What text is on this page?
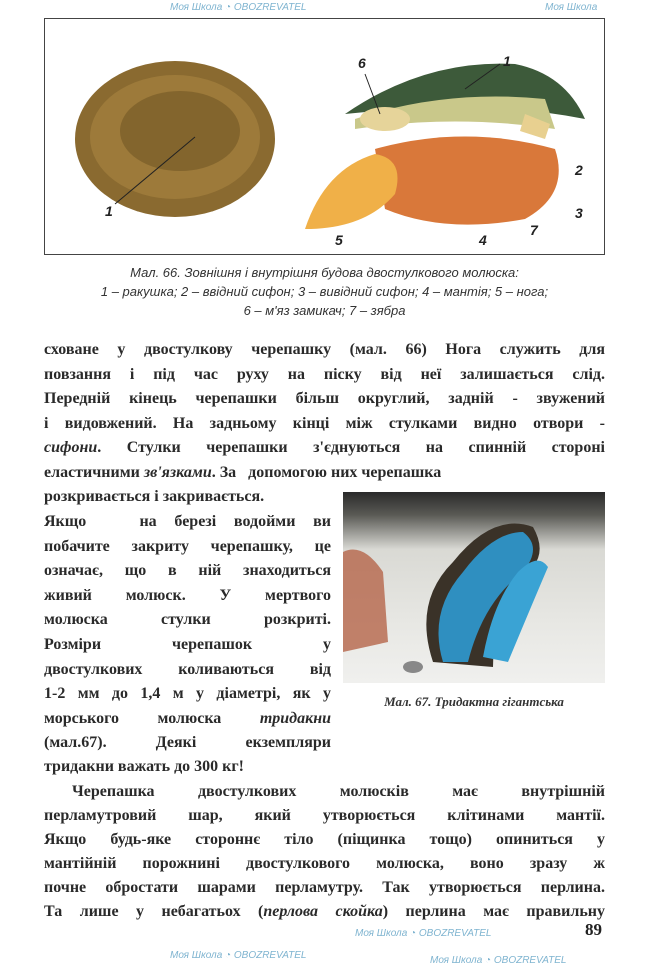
Моя Школа ◔ OBOZREVATEL	Моя Школа
Моя Школа ◔ OBOZREVATEL
Моя Школа ◔ OBOZREVATEL	Моя Школа ◔ OBOZREVATEL
1
6	1
2
3
7
4
5
Мал. 66. Зовнішня і внутрішня будова двостулкового молюска:
1 – ракушка; 2 – ввідний сифон; 3 – вивідний сифон; 4 – мантія; 5 – нога;
6 – м'яз замикач; 7 – зябра
сховане у двостулкову черепашку (мал. 66) Нога служить для
повзання і під час руху на піску від неї залишається слід.
Передній кінець черепашки більш округлий, задній - звужений
і видовжений. На задньому кінці між стулками видно отвори -
сифони. Стулки черепашки з'єднуються на спинній стороні
еластичними зв'язками. За   допомогою них черепашка
розкривається і закривається.
Якщо   на березі водойми ви
побачите закриту черепашку, це
означає, що в ній знаходиться
живий молюск. У мертвого
молюска стулки розкриті.
Розміри черепашок у
двостулкових коливаються від
1-2 мм до 1,4 м у діаметрі, як у
морського молюска тридакни
(мал.67). Деякі екземпляри
тридакни важать до 300 кг!
Мал. 67. Тридактна гігантська
Черепашка двостулкових молюсків має внутрішній
перламутровий шар, який утворюється клітинами мантії.
Якщо будь-яке стороннє тіло (піщинка тощо) опиниться у
мантійній порожнині двостулкового молюска, воно зразу ж
почне обростати шарами перламутру. Так утворюється перлина.
Та лише у небагатьох (перлова скойка) перлина має правильну
89
